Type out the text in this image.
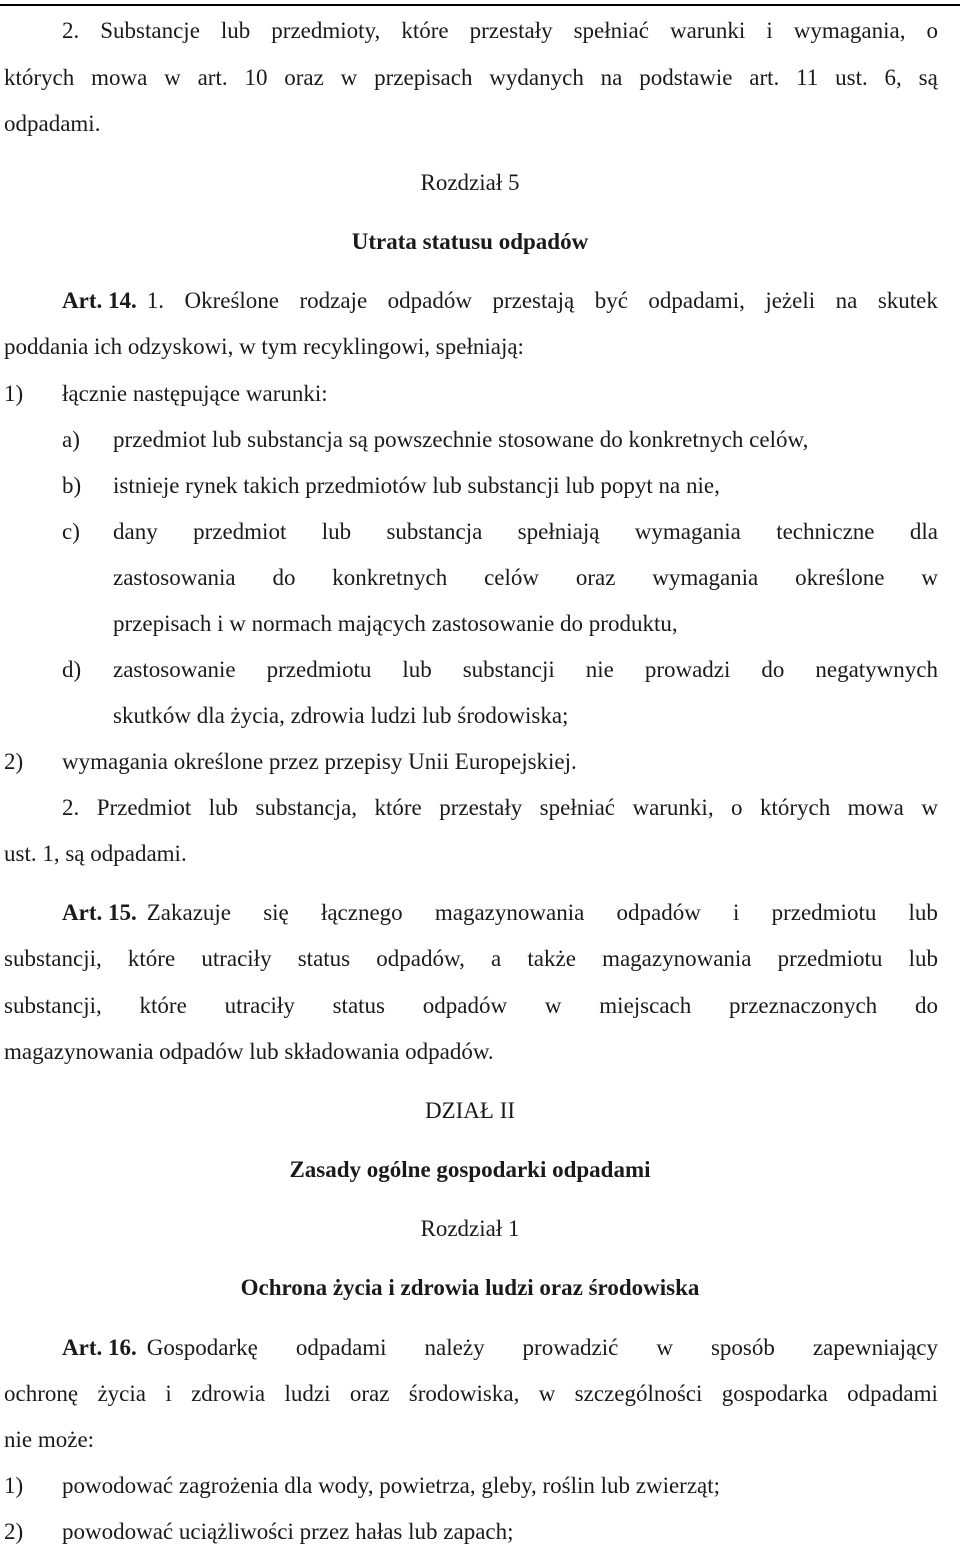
2. Substancje lub przedmioty, które przestały spełniać warunki i wymagania, o
których mowa w art. 10 oraz w przepisach wydanych na podstawie art. 11 ust. 6, są
odpadami.
Rozdział 5
Utrata statusu odpadów
Art. 14. 1. Określone rodzaje odpadów przestają być odpadami, jeżeli na skutek
poddania ich odzyskowi, w tym recyklingowi, spełniają:
1) łącznie następujące warunki:
a) przedmiot lub substancja są powszechnie stosowane do konkretnych celów,
b) istnieje rynek takich przedmiotów lub substancji lub popyt na nie,
c) dany przedmiot lub substancja spełniają wymagania techniczne dla
zastosowania do konkretnych celów oraz wymagania określone w
przepisach i w normach mających zastosowanie do produktu,
d) zastosowanie przedmiotu lub substancji nie prowadzi do negatywnych
skutków dla życia, zdrowia ludzi lub środowiska;
2) wymagania określone przez przepisy Unii Europejskiej.
2. Przedmiot lub substancja, które przestały spełniać warunki, o których mowa w
ust. 1, są odpadami.
Art. 15. Zakazuje się łącznego magazynowania odpadów i przedmiotu lub
substancji, które utraciły status odpadów, a także magazynowania przedmiotu lub
substancji, które utraciły status odpadów w miejscach przeznaczonych do
magazynowania odpadów lub składowania odpadów.
DZIAŁ II
Zasady ogólne gospodarki odpadami
Rozdział 1
Ochrona życia i zdrowia ludzi oraz środowiska
Art. 16. Gospodarkę odpadami należy prowadzić w sposób zapewniający
ochronę życia i zdrowia ludzi oraz środowiska, w szczególności gospodarka odpadami
nie może:
1) powodować zagrożenia dla wody, powietrza, gleby, roślin lub zwierząt;
2) powodować uciążliwości przez hałas lub zapach;
